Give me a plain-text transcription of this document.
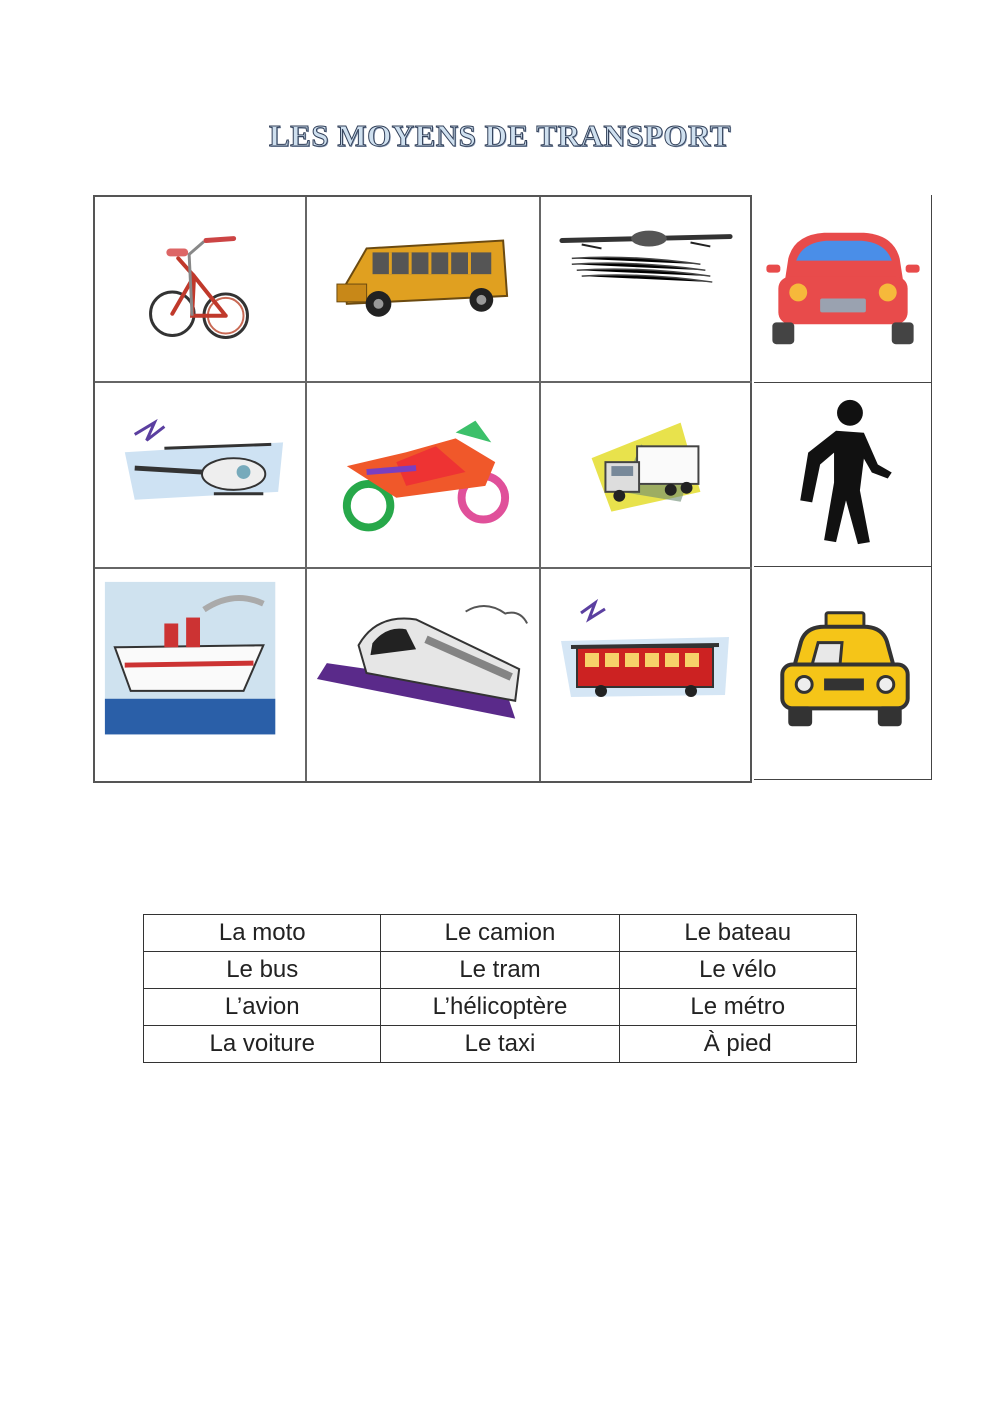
LES MOYENS DE TRANSPORT
La moto	Le camion	Le bateau
Le bus	Le tram	Le vélo
L’avion	L’hélicoptère	Le métro
La voiture	Le taxi	À pied
